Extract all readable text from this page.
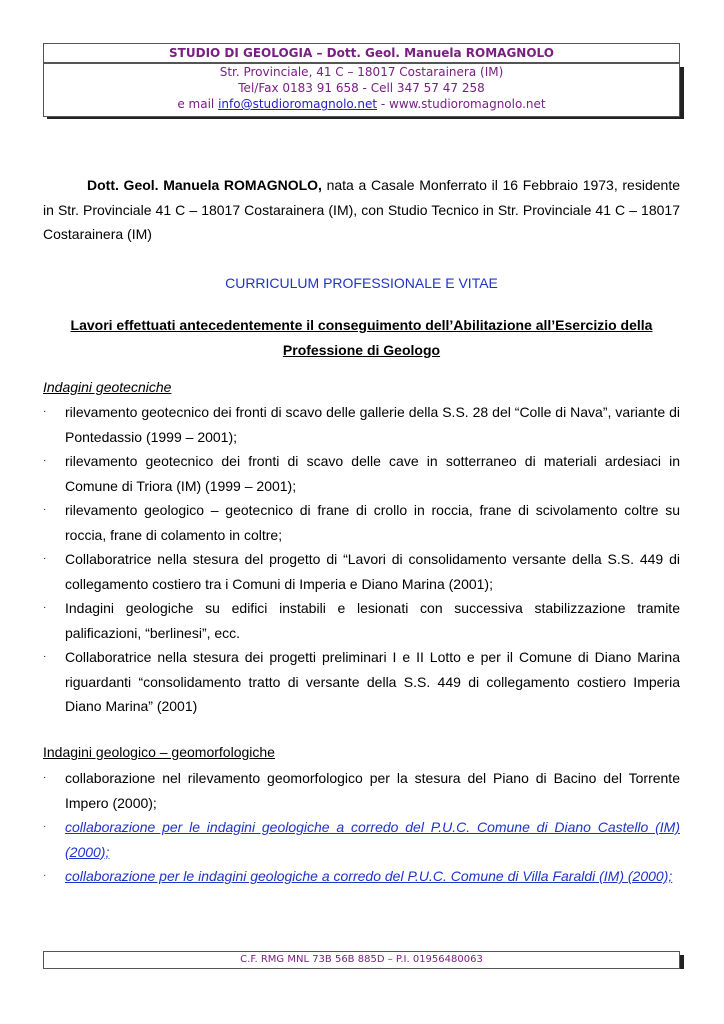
STUDIO DI GEOLOGIA – Dott. Geol. Manuela ROMAGNOLO
Str. Provinciale, 41 C – 18017 Costarainera (IM)
Tel/Fax 0183 91 658 - Cell 347 57 47 258
e mail info@studioromagnolo.net - www.studioromagnolo.net
Dott. Geol. Manuela ROMAGNOLO, nata a Casale Monferrato il 16 Febbraio 1973, residente in Str. Provinciale 41 C – 18017 Costarainera (IM), con Studio Tecnico in Str. Provinciale 41 C – 18017 Costarainera (IM)
CURRICULUM PROFESSIONALE E VITAE
Lavori effettuati antecedentemente il conseguimento dell’Abilitazione all’Esercizio della
Professione di Geologo
Indagini geotecniche
· rilevamento geotecnico dei fronti di scavo delle gallerie della S.S. 28 del “Colle di Nava”, variante di Pontedassio (1999 – 2001);
· rilevamento geotecnico dei fronti di scavo delle cave in sotterraneo di materiali ardesiaci in Comune di Triora (IM) (1999 – 2001);
· rilevamento geologico – geotecnico di frane di crollo in roccia, frane di scivolamento coltre su roccia, frane di colamento in coltre;
· Collaboratrice nella stesura del progetto di “Lavori di consolidamento versante della S.S. 449 di collegamento costiero tra i Comuni di Imperia e Diano Marina (2001);
· Indagini geologiche su edifici instabili e lesionati con successiva stabilizzazione tramite palificazioni, “berlinesi”, ecc.
· Collaboratrice nella stesura dei progetti preliminari I e II Lotto e per il Comune di Diano Marina riguardanti “consolidamento tratto di versante della S.S. 449 di collegamento costiero Imperia Diano Marina” (2001)
Indagini geologico – geomorfologiche
· collaborazione nel rilevamento geomorfologico per la stesura del Piano di Bacino del Torrente Impero (2000);
· collaborazione per le indagini geologiche a corredo del P.U.C. Comune di Diano Castello (IM) (2000);
· collaborazione per le indagini geologiche a corredo del P.U.C. Comune di Villa Faraldi (IM) (2000);
C.F. RMG MNL 73B 56B 885D – P.I. 01956480063
